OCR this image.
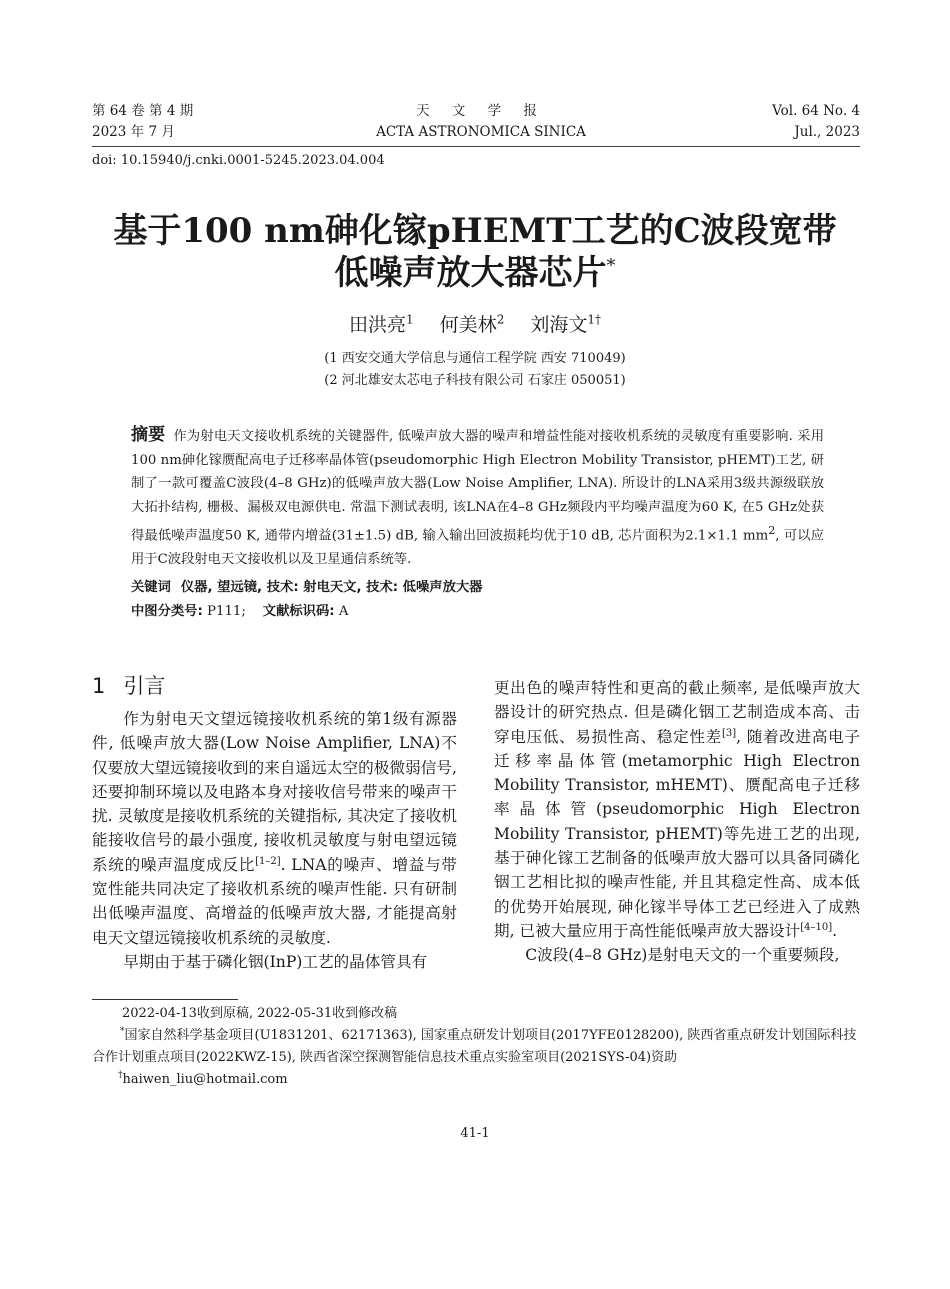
第 64 卷 第 4 期
2023 年 7 月
天 文 学 报
ACTA ASTRONOMICA SINICA
Vol. 64 No. 4
Jul., 2023
doi: 10.15940/j.cnki.0001-5245.2023.04.004
基于100 nm砷化镓pHEMT工艺的C波段宽带
低噪声放大器芯片*
田洪亮$^1$ 何美林$^2$ 刘海文$^{1\dagger}$
(1 西安交通大学信息与通信工程学院 西安 710049)
(2 河北雄安太芯电子科技有限公司 石家庄 050051)
摘要 作为射电天文接收机系统的关键器件, 低噪声放大器的噪声和增益性能对接收机系统的灵敏度有重要影响. 采用100 nm砷化镓赝配高电子迁移率晶体管(pseudomorphic High Electron Mobility Transistor, pHEMT)工艺, 研制了一款可覆盖C波段(4–8 GHz)的低噪声放大器(Low Noise Amplifier, LNA). 所设计的LNA采用3级共源级联放大拓扑结构, 栅极、漏极双电源供电. 常温下测试表明, 该LNA在4–8 GHz频段内平均噪声温度为60 K, 在5 GHz处获得最低噪声温度50 K, 通带内增益(31±1.5) dB, 输入输出回波损耗均优于10 dB, 芯片面积为2.1×1.1 $mm^2$, 可以应用于C波段射电天文接收机以及卫星通信系统等.
关键词 仪器, 望远镜, 技术: 射电天文, 技术: 低噪声放大器
中图分类号: P111; 文献标识码: A
1 引言

作为射电天文望远镜接收机系统的第1级有源器件, 低噪声放大器(Low Noise Amplifier, LNA)不仅要放大望远镜接收到的来自遥远太空的极微弱信号, 还要抑制环境以及电路本身对接收信号带来的噪声干扰. 灵敏度是接收机系统的关键指标, 其决定了接收机能接收信号的最小强度, 接收机灵敏度与射电望远镜系统的噪声温度成反比[1–2]. LNA的噪声、增益与带宽性能共同决定了接收机系统的噪声性能. 只有研制出低噪声温度、高增益的低噪声放大器, 才能提高射电天文望远镜接收机系统的灵敏度.

早期由于基于磷化铟(InP)工艺的晶体管具有

更出色的噪声特性和更高的截止频率, 是低噪声放大器设计的研究热点. 但是磷化铟工艺制造成本高、击穿电压低、易损性高、稳定性差[3], 随着改进高电子迁移率晶体管(metamorphic High Electron Mobility Transistor, mHEMT)、赝配高电子迁移率晶体管(pseudomorphic High Electron Mobility Transistor, pHEMT)等先进工艺的出现, 基于砷化镓工艺制备的低噪声放大器可以具备同磷化铟工艺相比拟的噪声性能, 并且其稳定性高、成本低的优势开始展现, 砷化镓半导体工艺已经进入了成熟期, 已被大量应用于高性能低噪声放大器设计[4–10].

C波段(4–8 GHz)是射电天文的一个重要频段,

2022-04-13收到原稿, 2022-05-31收到修改稿
*国家自然科学基金项目(U1831201、62171363), 国家重点研发计划项目(2017YFE0128200), 陕西省重点研发计划国际科技合作计划重点项目(2022KWZ-15), 陕西省深空探测智能信息技术重点实验室项目(2021SYS-04)资助
†haiwen_liu@hotmail.com
41-1
